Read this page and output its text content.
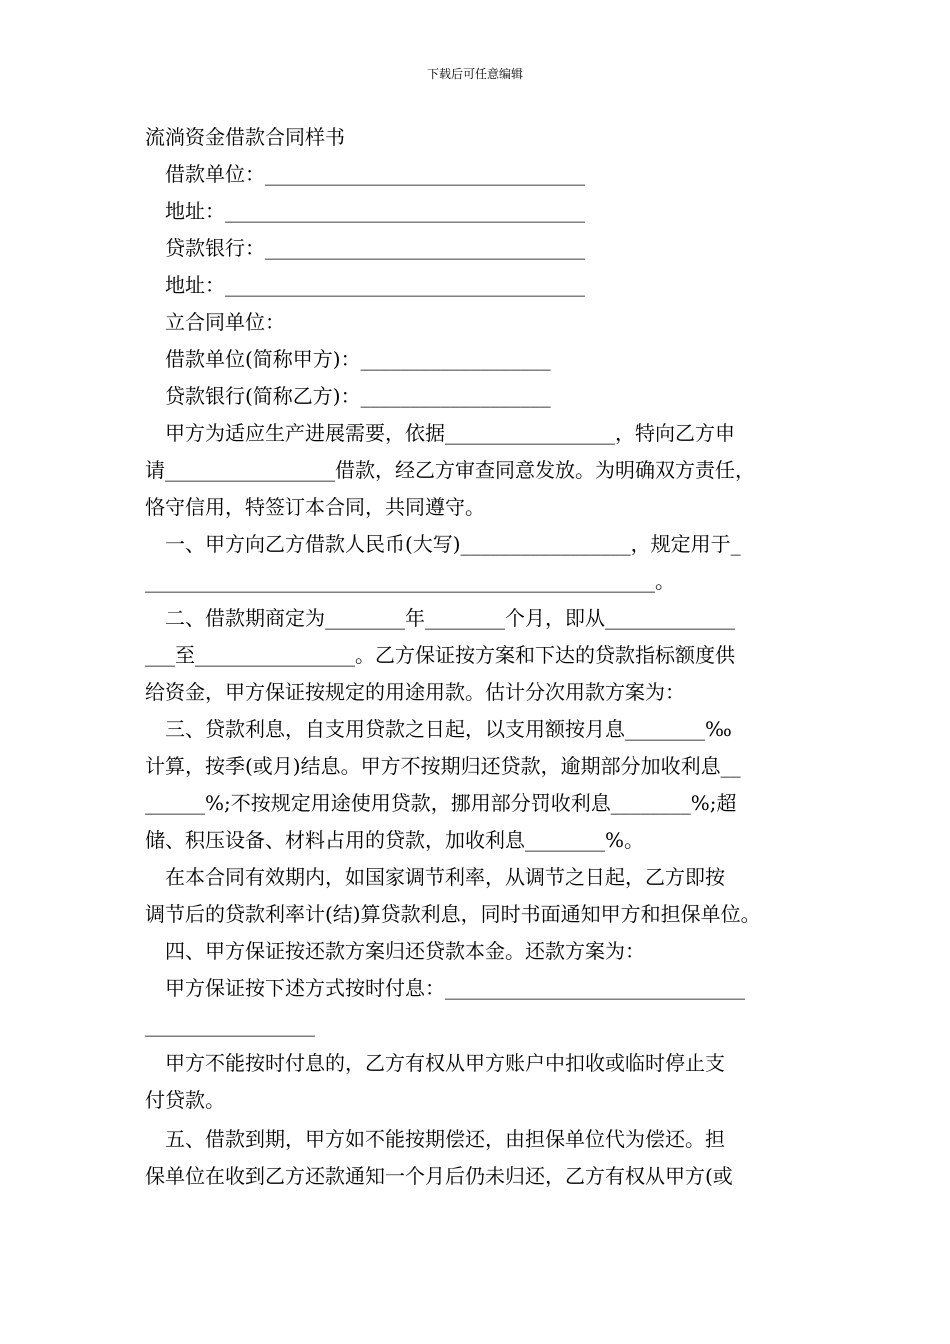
下载后可任意编辑
流淌资金借款合同样书
借款单位：________________________________
地址：____________________________________
贷款银行：________________________________
地址：____________________________________
立合同单位：
借款单位(简称甲方)：___________________
贷款银行(简称乙方)：___________________
甲方为适应生产进展需要，依据_________________，特向乙方申
请_________________借款，经乙方审查同意发放。为明确双方责任，
恪守信用，特签订本合同，共同遵守。
一、甲方向乙方借款人民币(大写)_________________，规定用于_
___________________________________________________。
二、借款期商定为________年________个月，即从_____________
___至________________。乙方保证按方案和下达的贷款指标额度供
给资金，甲方保证按规定的用途用款。估计分次用款方案为：
三、贷款利息，自支用贷款之日起，以支用额按月息________‰
计算，按季(或月)结息。甲方不按期归还贷款，逾期部分加收利息__
______%;不按规定用途使用贷款，挪用部分罚收利息________%;超
储、积压设备、材料占用的贷款，加收利息________%。
在本合同有效期内，如国家调节利率，从调节之日起，乙方即按
调节后的贷款利率计(结)算贷款利息，同时书面通知甲方和担保单位。
四、甲方保证按还款方案归还贷款本金。还款方案为：
甲方保证按下述方式按时付息：______________________________
_________________
甲方不能按时付息的，乙方有权从甲方账户中扣收或临时停止支
付贷款。
五、借款到期，甲方如不能按期偿还，由担保单位代为偿还。担
保单位在收到乙方还款通知一个月后仍未归还，乙方有权从甲方(或
